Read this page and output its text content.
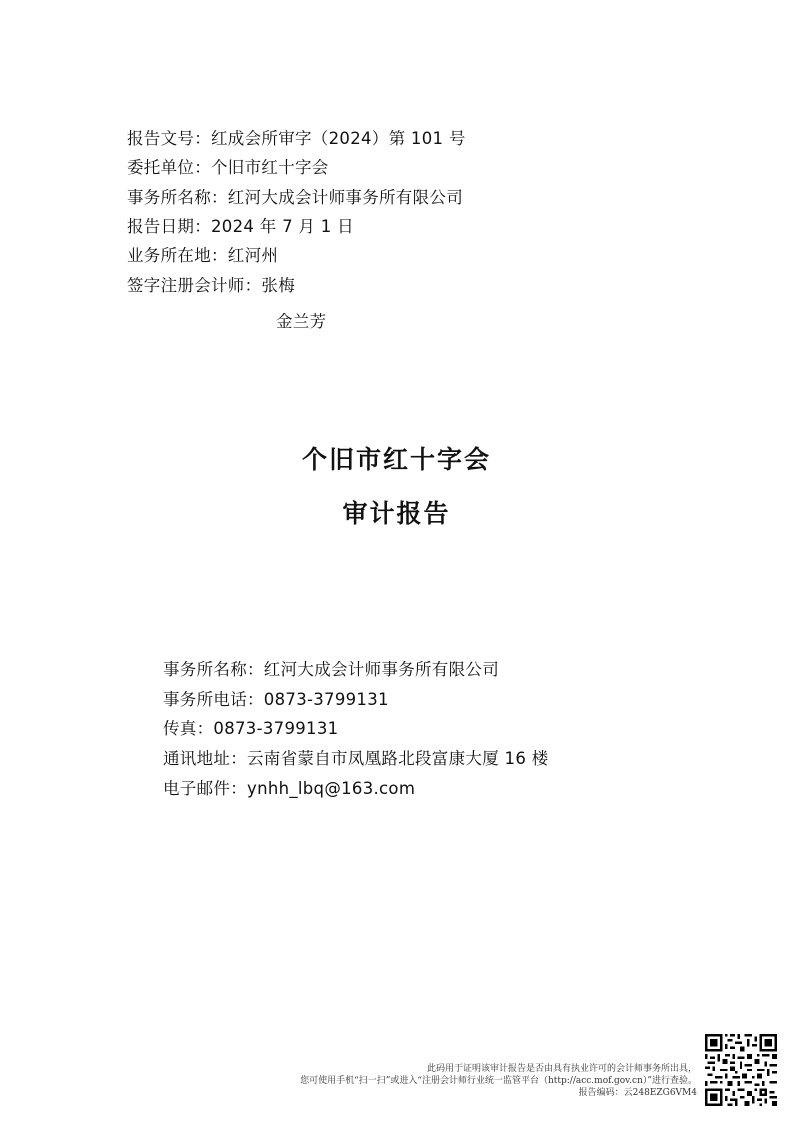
报告文号：红成会所审字（2024）第 101 号
委托单位：个旧市红十字会
事务所名称：红河大成会计师事务所有限公司
报告日期：2024 年 7 月 1 日
业务所在地：红河州
签字注册会计师：张梅
金兰芳
个旧市红十字会
审计报告
事务所名称：红河大成会计师事务所有限公司
事务所电话：0873-3799131
传真：0873-3799131
通讯地址：云南省蒙自市凤凰路北段富康大厦 16 楼
电子邮件：ynhh_lbq@163.com
此码用于证明该审计报告是否由具有执业许可的会计师事务所出具，
您可使用手机“扫一扫”或进入“注册会计师行业统一监管平台（http://acc.mof.gov.cn）”进行查验。
报告编码：云248EZG6VM4
